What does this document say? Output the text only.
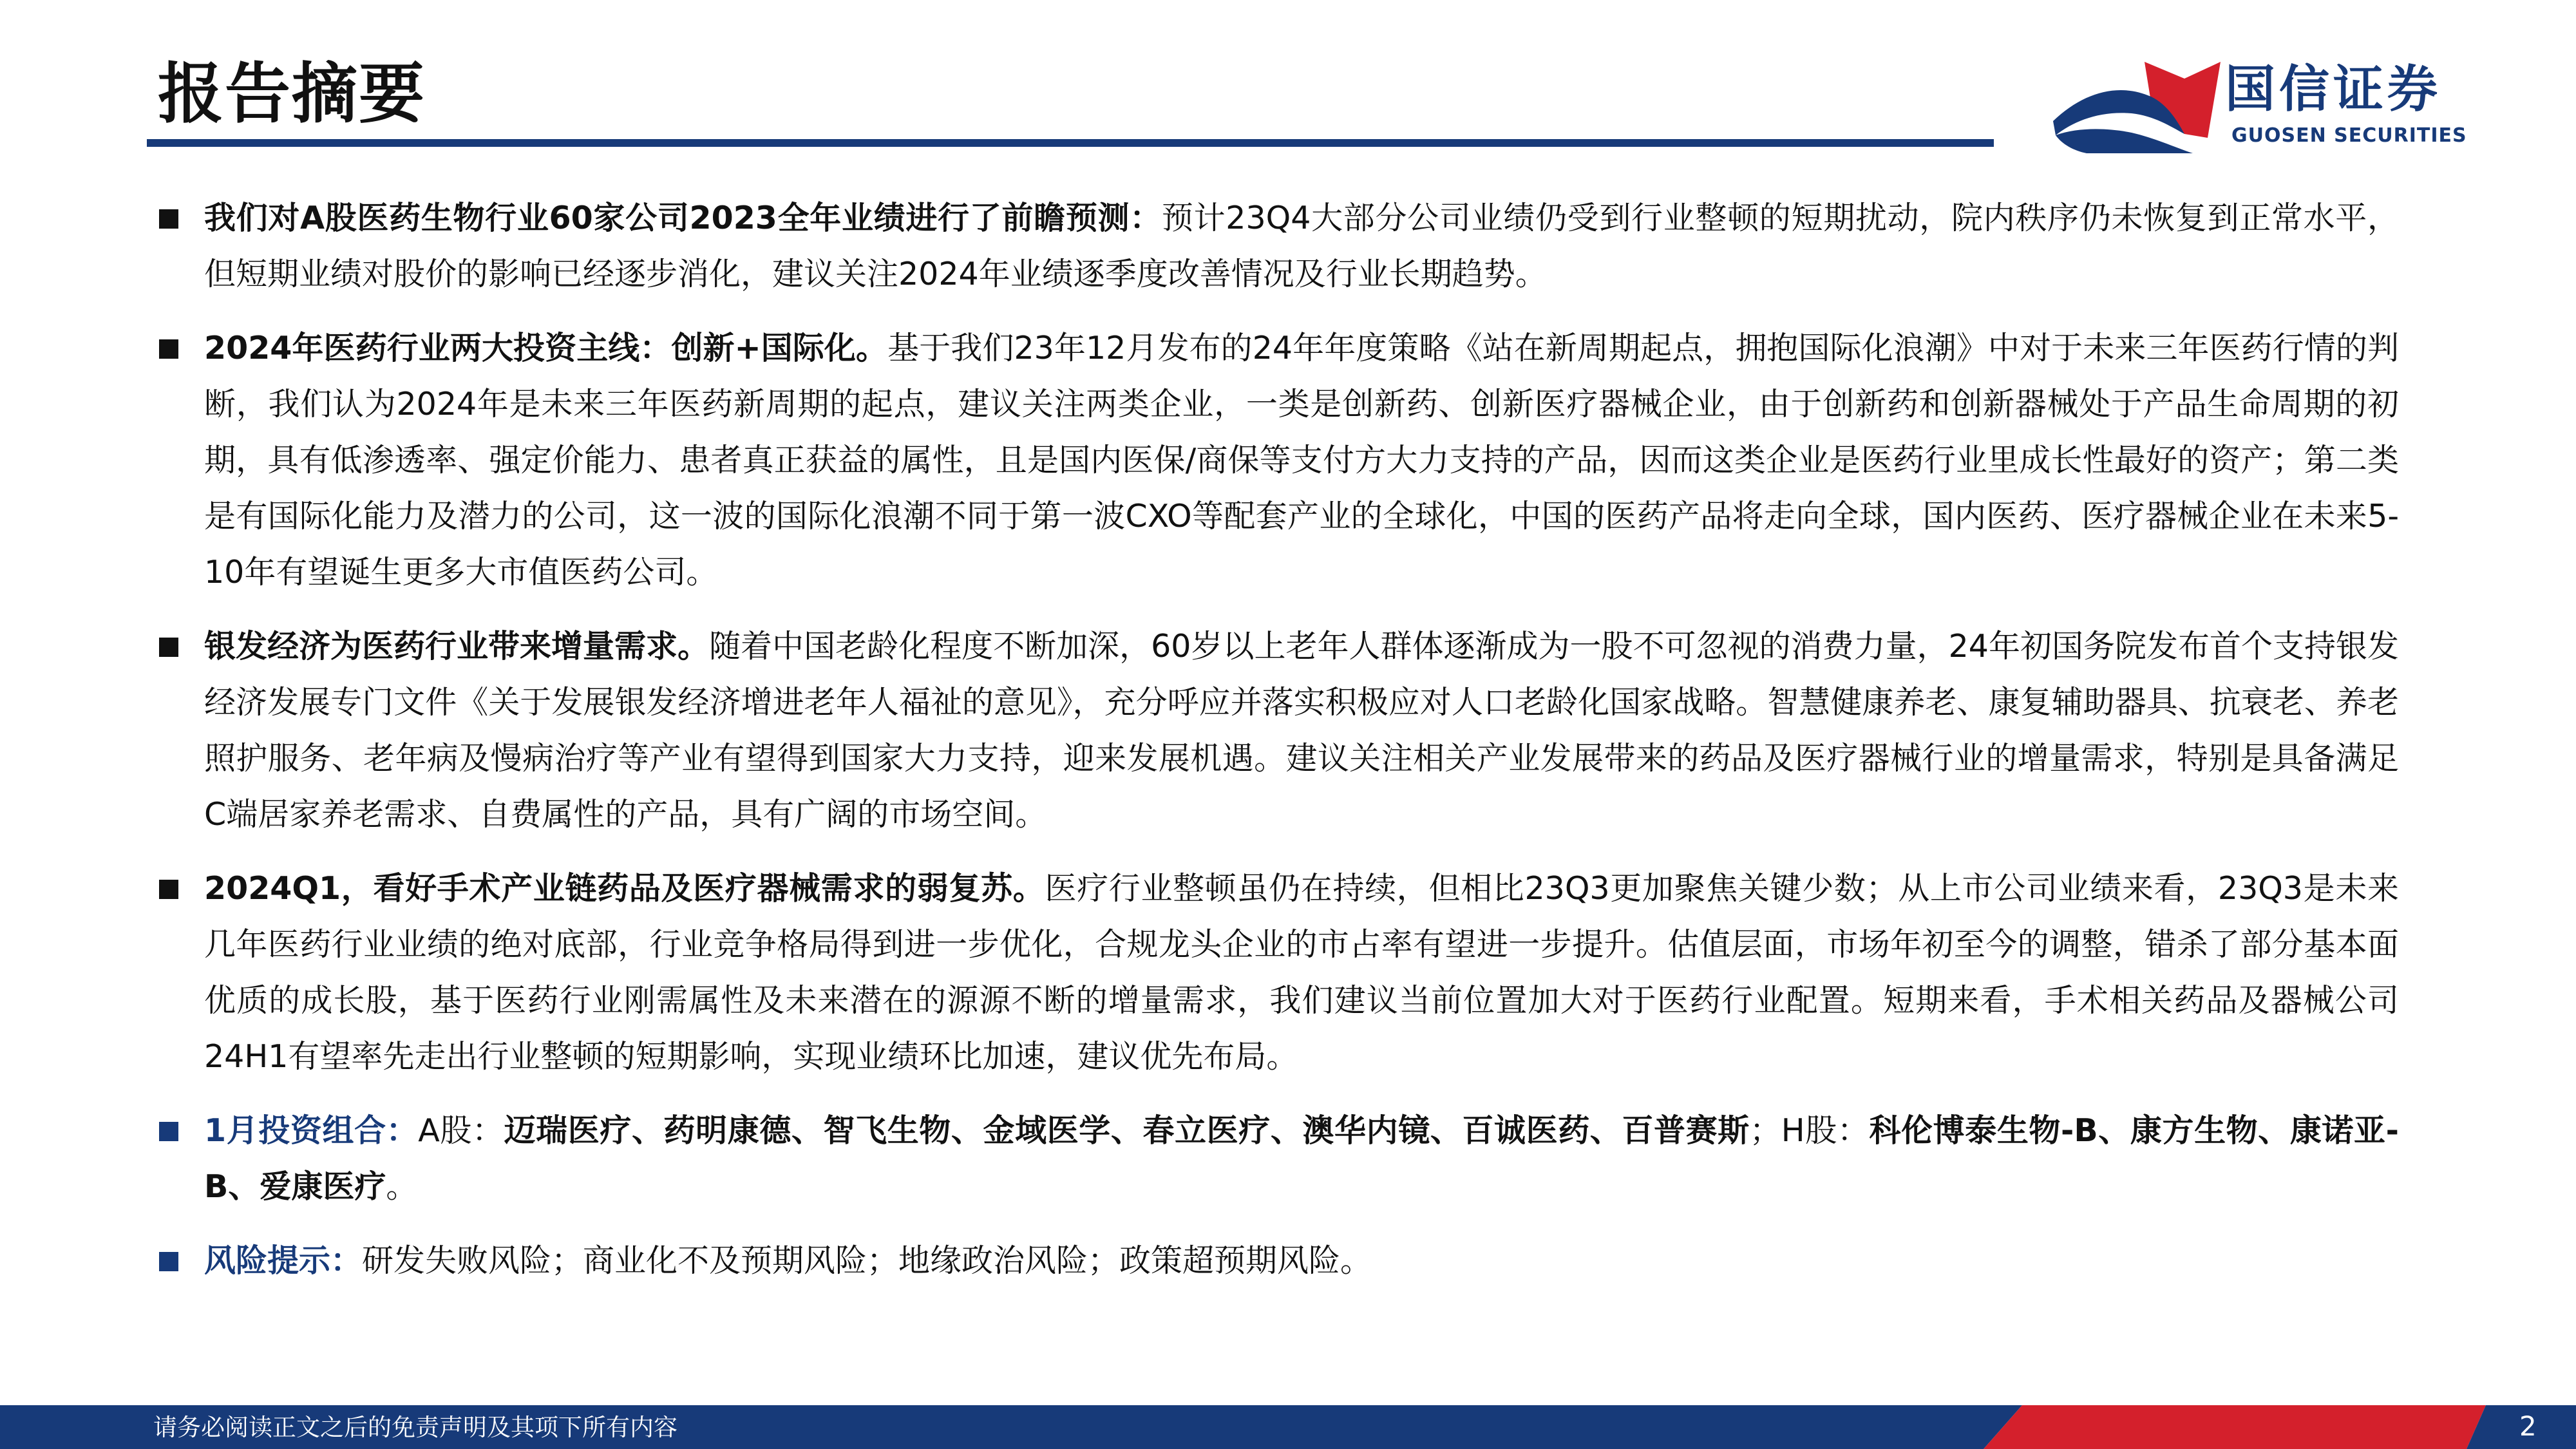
报告摘要	国信证券
GUOSEN SECURITIES
我们对A股医药生物行业60家公司2023全年业绩进行了前瞻预测：预计23Q4大部分公司业绩仍受到行业整顿的短期扰动，院内秩序仍未恢复到正常水平，但短期业绩对股价的影响已经逐步消化，建议关注2024年业绩逐季度改善情况及行业长期趋势。
2024年医药行业两大投资主线：创新+国际化。基于我们23年12月发布的24年年度策略《站在新周期起点，拥抱国际化浪潮》中对于未来三年医药行情的判断，我们认为2024年是未来三年医药新周期的起点，建议关注两类企业，一类是创新药、创新医疗器械企业，由于创新药和创新器械处于产品生命周期的初期，具有低渗透率、强定价能力、患者真正获益的属性，且是国内医保/商保等支付方大力支持的产品，因而这类企业是医药行业里成长性最好的资产；第二类是有国际化能力及潜力的公司，这一波的国际化浪潮不同于第一波CXO等配套产业的全球化，中国的医药产品将走向全球，国内医药、医疗器械企业在未来5-10年有望诞生更多大市值医药公司。
银发经济为医药行业带来增量需求。随着中国老龄化程度不断加深，60岁以上老年人群体逐渐成为一股不可忽视的消费力量，24年初国务院发布首个支持银发经济发展专门文件《关于发展银发经济增进老年人福祉的意见》，充分呼应并落实积极应对人口老龄化国家战略。智慧健康养老、康复辅助器具、抗衰老、养老照护服务、老年病及慢病治疗等产业有望得到国家大力支持，迎来发展机遇。建议关注相关产业发展带来的药品及医疗器械行业的增量需求，特别是具备满足C端居家养老需求、自费属性的产品，具有广阔的市场空间。
2024Q1，看好手术产业链药品及医疗器械需求的弱复苏。医疗行业整顿虽仍在持续，但相比23Q3更加聚焦关键少数；从上市公司业绩来看，23Q3是未来几年医药行业业绩的绝对底部，行业竞争格局得到进一步优化，合规龙头企业的市占率有望进一步提升。估值层面，市场年初至今的调整，错杀了部分基本面优质的成长股，基于医药行业刚需属性及未来潜在的源源不断的增量需求，我们建议当前位置加大对于医药行业配置。短期来看，手术相关药品及器械公司24H1有望率先走出行业整顿的短期影响，实现业绩环比加速，建议优先布局。
1月投资组合：A股：迈瑞医疗、药明康德、智飞生物、金域医学、春立医疗、澳华内镜、百诚医药、百普赛斯；H股：科伦博泰生物-B、康方生物、康诺亚-B、爱康医疗。
风险提示：研发失败风险；商业化不及预期风险；地缘政治风险；政策超预期风险。
请务必阅读正文之后的免责声明及其项下所有内容	2
